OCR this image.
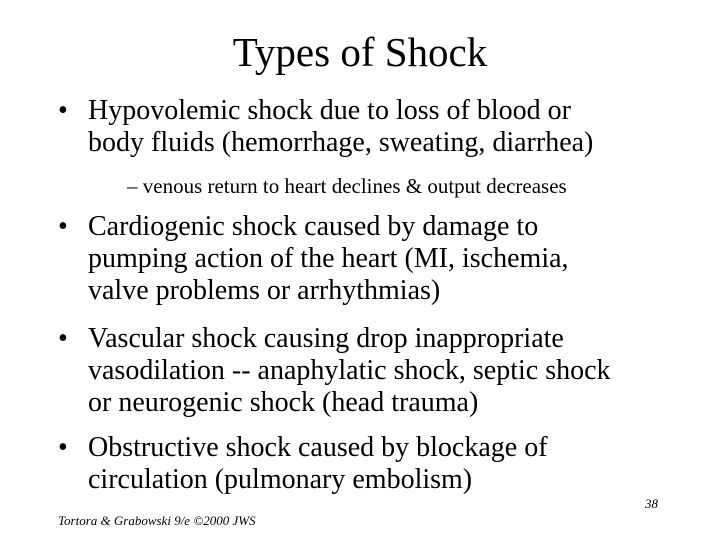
Types of Shock
• Hypovolemic shock due to loss of blood or
body fluids (hemorrhage, sweating, diarrhea)
– venous return to heart declines & output decreases
• Cardiogenic shock caused by damage to
pumping action of the heart (MI, ischemia,
valve problems or arrhythmias)
• Vascular shock causing drop inappropriate
vasodilation -- anaphylatic shock, septic shock
or neurogenic shock (head trauma)
• Obstructive shock caused by blockage of
circulation (pulmonary embolism)
38
Tortora & Grabowski 9/e ©2000 JWS
